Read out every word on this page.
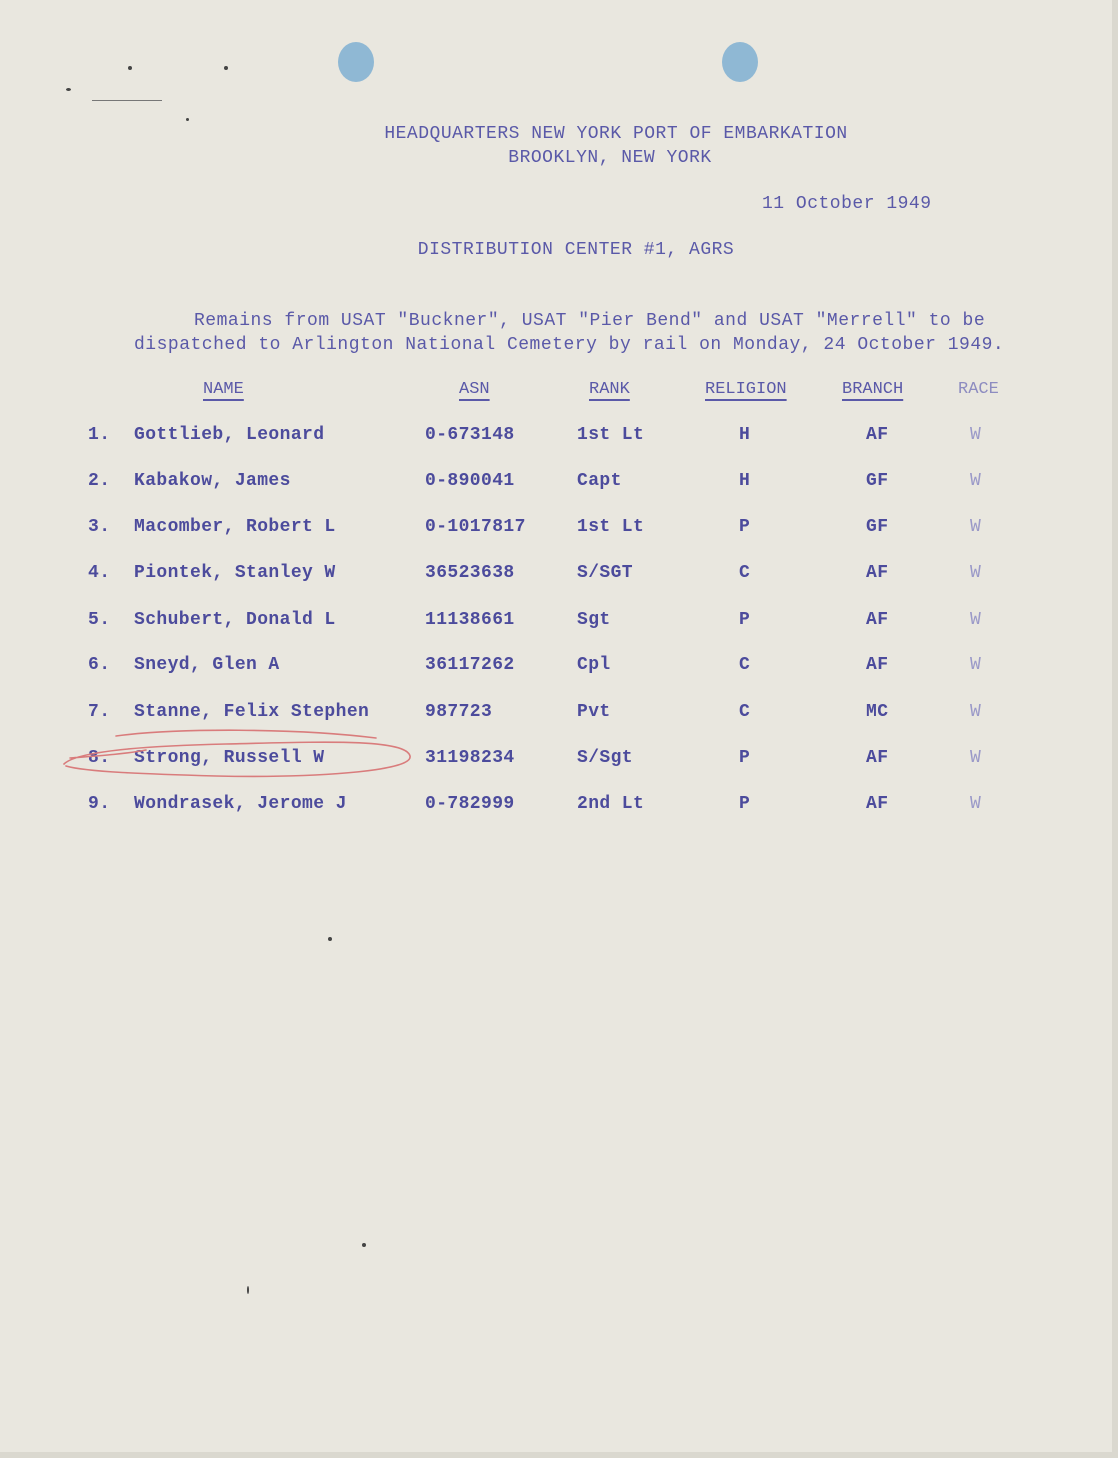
HEADQUARTERS NEW YORK PORT OF EMBARKATION
BROOKLYN, NEW YORK
11 October 1949
DISTRIBUTION CENTER #1, AGRS
Remains from USAT "Buckner", USAT "Pier Bend" and USAT "Merrell" to be
dispatched to Arlington National Cemetery by rail on Monday, 24 October 1949.
NAME	ASN	RANK	RELIGION	BRANCH	RACE
1. Gottlieb, Leonard	0-673148	1st Lt	H	AF	W
2. Kabakow, James	0-890041	Capt	H	GF	W
3. Macomber, Robert L	0-1017817	1st Lt	P	GF	W
4. Piontek, Stanley W	36523638	S/SGT	C	AF	W
5. Schubert, Donald L	11138661	Sgt	P	AF	W
6. Sneyd, Glen A	36117262	Cpl	C	AF	W
7. Stanne, Felix Stephen	987723	Pvt	C	MC	W
8. Strong, Russell W	31198234	S/Sgt	P	AF	W
9. Wondrasek, Jerome J	0-782999	2nd Lt	P	AF	W
